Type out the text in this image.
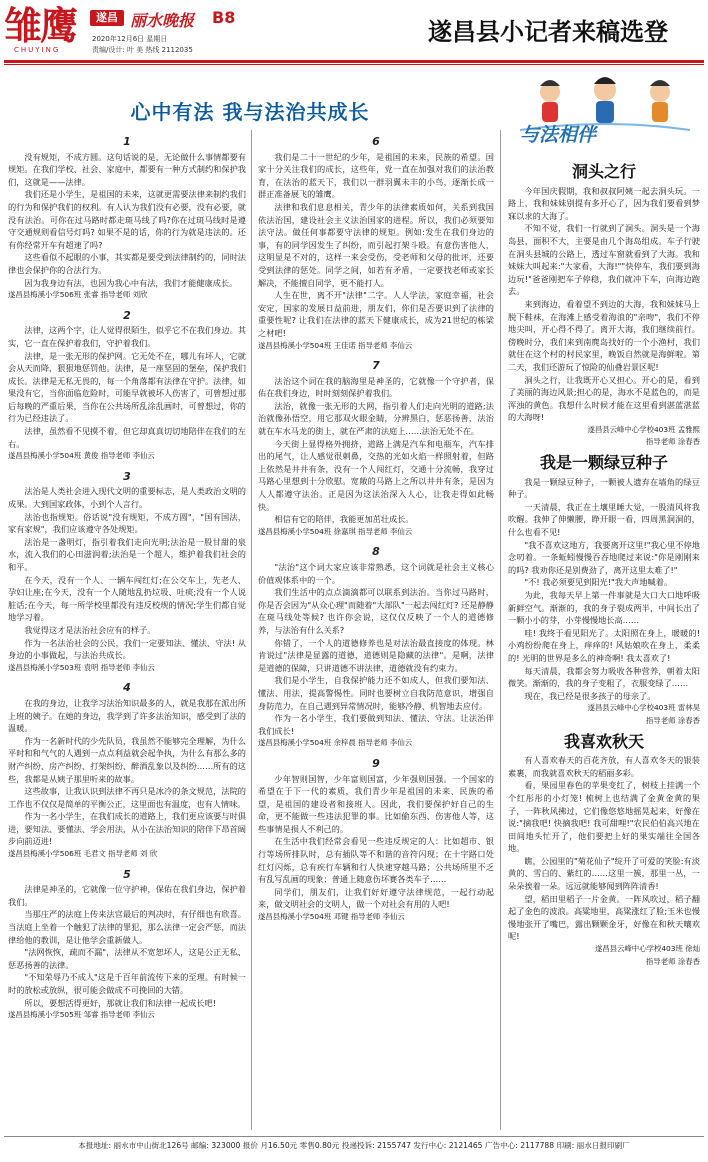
雏鹰
CHUYING
遂昌 丽水晚报 B8
2020年12月6日 星期日
责编/设计: 叶 美 热线 2112035
遂昌县小记者来稿选登
心中有法 我与法治共成长
与法相伴
1

没有规矩，不成方圆。这句话说的是，无论做什么事情都要有规矩。在我们学校、社会、家庭中，都要有一种方式制约和保护我们，这就是——法律。

我们还是小学生，是祖国的未来，这就更需要法律来制约我们的行为和保护我们的权利。有人认为我们没有必要，没有必要，就没有法治。可你在过马路时都走斑马线了吗?你在过斑马线时是遵守交通规则看信号灯吗? 如果不是的话，你的行为就是违法的。还有你经常开车有超速了吗?

这些看似不起眼的小事，其实都是要受到法律制约的，同时法律也会保护你的合法行为。

因为我身边有法，也因为我心中有法，我们才能健康成长。

遂昌县梅溪小学506班 张睿 指导老师 刘欣

2

法律，这两个字，让人觉得很陌生，似乎它不在我们身边。其实，它一直在保护着我们，守护着我们。

法律，是一张无形的保护网。它无处不在，哪儿有坏人，它就会从天而降，狠狠地惩罚他。法律，是一座坚固的堡垒，保护我们成长。法律是无私无畏的，每一个角落都有法律在守护。法律，如果没有它，当你面临危险时，可能早就被坏人伤害了，可曾想过那后每晚的严重后果，当你在公共场所乱涂乱画时，可曾想过，你的行为已经违法了。

法律，虽然看不见摸不着，但它却真真切切地陪伴在我们的左右。

遂昌县梅溪小学504班 黄俊 指导老师 李仙云

3

法治是人类社会进入现代文明的重要标志，是人类政治文明的成果。大到国家政体，小到个人言行。

法治也指规矩。俗话说"没有规矩，不成方圆"，"国有国法，家有家规"，我们应该遵守各处规矩。

法治是一盏明灯，指引着我们走向光明;法治是一股甘甜的泉水，流入我们的心田滋润着;法治是一个超人，维护着我们社会的和平。

在今天，没有一个人、一辆车闯红灯;在公交车上，先老人、孕妇让座;在今天，没有一个人随地乱扔垃圾、吐痰;没有一个人说脏话;在今天，每一所学校里都没有违反校规的情况;学生们都自觉地学习着。

我觉得这才是法治社会应有的样子。

作为一名法治社会的公民，我们一定要知法、懂法、守法! 从身边的小事做起，与法治共成长。

遂昌县梅溪小学503班 袁明 指导老师 李仙云

4

在我的身边，让我学习法治知识最多的人，就是我那在派出所上班的姨子。在她的身边，我学到了许多法治知识，感受到了法的温暖。

作为一名新时代的少先队员，我虽然不能够完全理解，为什么平时和和气气的人遇到一点点利益就会起争执，为什么有那么多的财产纠纷、房产纠纷、打架纠纷、醉酒乱象以及纠纷……所有的这些，我都是从姨子那里听来的故事。

这些故事，让我认识到法律不再只是冰冷的条文规范，法院的工作也不仅仅是简单的平衡公正，这里面也有温度，也有人情味。

作为一名小学生，在我们成长的道路上，我们更应该要与时俱进，要知法、要懂法、学会用法，从小在法治知识的陪伴下昂首阔步向前迈进!

遂昌县梅溪小学506班 毛君文 指导老师 刘 欣

5

法律是神圣的，它就像一位守护神，保佑在我们身边，保护着我们。

当那庄严的法庭上传来法官最后的判决时，有仔细也有欣喜。当法庭上坐着一个触犯了法律的罪犯，那么法律一定会严惩，而法律给他的教训，是让他学会重新做人。

"法网恢恢，疏而不漏"，法律从不宽恕坏人，这是公正无私、惩恶扬善的法律。

"不知荣辱乃不成人"这是千百年前流传下来的至理。有时候一时的放松或放纵，很可能会做成不可挽回的大错。

所以，要想活得更好，那就让我们和法律一起成长吧!

遂昌县梅溪小学505班 邹睿 指导老师 李仙云

6

我们是二十一世纪的少年，是祖国的未来，民族的希望。国家十分关注我们的成长，这些年，党一直在加强对我们的法治教育，在法治的蓝天下，我们以一群羽翼未丰的小鸟，逐渐长成一群正准备展飞的雏鹰。

法律和我们息息相关，青少年的法律素质如何，关系到我国依法治国，建设社会主义法治国家的进程。所以，我们必须要知法守法。做任何事都要守法律的规矩。例如:发生在我们身边的事，有的同学因发生了纠纷，而引起打架斗殴。有意伤害他人，这明显是不对的，这样一来会受伤，受老师和父母的批评，还要受到法律的惩处。同学之间，如若有矛盾，一定要找老师或家长解决，不能擅自同学，更不能打人。

人生在世，离不开"法律"二字。人人学法，家庭幸福，社会安定，国家的发展日益前进，朋友们，你们是否要识到了法律的重要性呢? 让我们在法律的蓝天下健康成长，成为21世纪的栋梁之材吧!

遂昌县梅溪小学504班 王佳诺 指导老师 李仙云

7

法治这个词在我的脑海里是神圣的，它就像一个守护者，保佑在我们身边，时时刻刻保护着我们。

法治，就像一张无形的大网，指引着人们走向光明的道路;法治就像孙悟空，用它那双火眼金睛，分辨黑白，惩恶扬善，法治就在车水马龙的街上，就在严肃的法庭上……法治无处不在。

今天街上显得格外拥挤，道路上满是汽车和电瓶车，汽车排出的尾气，让人感觉很刺鼻，交热的光如火焰一样照射着，但路上依然是井井有条，没有一个人闯红灯，交通十分流畅，我穿过马路心里想到十分欣慰。宽敞的马路上之所以井井有条，是因为人人都遵守法治。正是因为这法治深入人心，让我走得如此畅快。

相信有它的陪伴，我能更加茁壮成长。

遂昌县梅溪小学504班 徐嘉琪 指导老师 李仙云

8

"法治"这个词大家应该非常熟悉，这个词就是社会主义核心价值观体系中的一个。

我们生活中的点点滴滴都可以联系到法治。当你过马路时，你是否会因为"从众心理"而随着"大部队"一起去闯红灯? 还是静静在斑马线处等候? 也许你会说，这仅仅反映了一个人的道德修养，与法治有什么关系?

你错了，一个人的道德修养也是对法治最直接度的体现。林肯说过"法律是显露的道德，道德则是隐藏的法律"。是啊，法律是道德的保障，只讲道德不讲法律，道德就没有约束力。

我们是小学生，自我保护能力还不如成人，但我们要知法、懂法、用法，提高警惕性。同时也要树立自我防范意识，增强自身防范力，在自己遇到异常情况时，能够冷静、机智地去应付。

作为一名小学生，我们要做到知法、懂法、守法。让法治伴我们成长!

遂昌县梅溪小学504班 余梓晨 指导老师 李仙云

9

少年智则国智，少年富则国富，少年强则国强。一个国家的希望在于下一代的素质，我们青少年是祖国的未来、民族的希望，是祖国的建设者和接班人。因此，我们要保护好自己的生命，更不能做一些违法犯罪的事。比如偷东西、伤害他人等，这些事情是损人不利己的。

在生活中我们经常会看见一些违反规定的人：比如超市、银行等场所排队时，总有插队等不和谐的音符闪现；在十字路口处红灯闪烁，总有疾行车辆和行人快速穿越马路；公共场所里不乏有乱写乱画的现象；普通上随意伤坏赛各类车子……

同学们，朋友们，让我们好好遵守法律规范，一起行动起来，做文明社会的文明人，做一个对社会有用的人吧!

遂昌县梅溪小学504班 邓键 指导老师 李仙云

洞头之行

今年国庆假期，我和叔叔阿姨一起去洞头玩。一路上，我和妹妹别提有多开心了，因为我们要看到梦寐以求的大海了。

不知不觉，我们一行就到了洞头。洞头是一个海岛县，面积不大，主要是由几个海岛组成。车子行驶在洞头县城的公路上，透过车窗就看到了大海。我和妹妹大叫起来:"大家看，大海!""快停车，我们要到海边玩!"爸爸刚把车子停稳，我们就冲下车，向海边跑去。

来到海边，看着望不到边的大海，我和妹妹马上脱下鞋袜，在海滩上感受着海浪的"亲吻"，我们不停地尖叫，开心得不得了。离开大海，我们继续前行。傍晚时分，我们来到南麂岛找好的一个小渔村，我们就住在这个村的村民家里，晚饭自然就是海鲜啦。第二天，我们还游玩了惊险的仙叠岩景区呢!

洞头之行，让我既开心又担心。开心的是，看到了美丽的海边风景;担心的是，海水不是蓝色的，而是浑浊的黄色。我想什么时候才能在这里看到湛蓝湛蓝的大海呀!

遂昌县云峰中心学校403班 孟雅熙

指导老师 涂春香

我是一颗绿豆种子

我是一颗绿豆种子，一颗被人遗弃在墙角的绿豆种子。

一天清晨，我正在土壤里睡大觉，一股清风将我吹醒。我伸了伸懒腰，睁开眼一看，四周黑洞洞的，什么也看不见!

"我不喜欢这地方，我要离开这里!"我心里不停地念叨着。一条蚯蚓慢慢吞吞地爬过来说:"你是刚刚来的吗? 我劝你还是别费劲了，离开这里太难了!"

"不! 我必须要见到阳光!"我大声地喊着。

为此，我每天早上第一件事就是大口大口地呼吸新鲜空气。渐渐的，我的身子裂成两半，中间长出了一颗小小的芽，小芽慢慢地长高……

哇! 我终于看见阳光了。太阳照在身上，暖暖的!小鸡纷纷爬在身上，痒痒的! 风姑娘吹在身上，柔柔的! 光明的世界是多么的神奇啊! 我太喜欢了!

每天清晨，我都会努力吸收各种营养，朝着太阳微笑。渐渐的，我的身子变粗了，衣服变绿了……

现在，我已经是很多孩子的母亲了。

遂昌县云峰中心学校403班 雷林昊

指导老师 涂春香

我喜欢秋天

有人喜欢春天的百花齐放，有人喜欢冬天的银装素裹，而我就喜欢秋天的稻丽多彩。

看，果园里春色的苹果变红了，树枝上挂满一个个红彤彤的小灯笼! 梳树上也结满了金黄金黄的果子，一阵秋风拂过，它们像悠悠地摇晃起来，好像在说:"摘我吧! 快摘我吧! 我可甜哩!"农民伯伯高兴地在田间地头忙开了，他们要把上好的果实端往全国各地。

瞧，公园里的"菊花仙子"绽开了可爱的笑脸:有淡黄的、雪白的、紫红的……这里一簇，那里一丛，一朵朵挨着一朵。远远就能够闻到阵阵清香!

望，稻田里稻子一片金黄。一阵风吹过，稻子翻起了金色的波浪。高粱地里，高粱涨红了脸;玉米也慢慢地张开了嘴巴，露出颗颗金牙，好像在和秋天嚷欢呢!

遂昌县云峰中心学校403班 徐灿

指导老师 涂春香

本报地址: 丽水市中山街北126号 邮编: 323000 报价 月16.50元 零售0.80元 投递投诉: 2155747 发行中心: 2121465 广告中心: 2117788 印刷: 丽水日报印刷厂
